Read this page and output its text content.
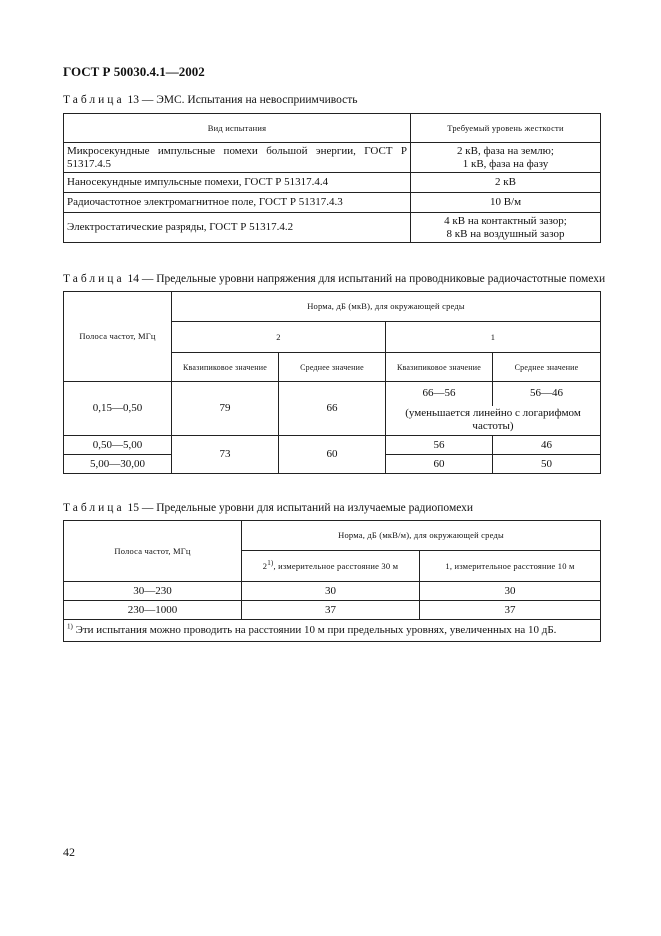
ГОСТ Р 50030.4.1—2002
Таблица 13 — ЭМС. Испытания на невосприимчивость
Вид испытания	Требуемый уровень жесткости
Микросекундные импульсные помехи большой энергии, ГОСТ Р 51317.4.5	2 кВ, фаза на землю;
1 кВ, фаза на фазу

Наносекундные импульсные помехи, ГОСТ Р 51317.4.4	2 кВ
Радиочастотное электромагнитное поле, ГОСТ Р 51317.4.3	10 В/м
Электростатические разряды, ГОСТ Р 51317.4.2	4 кВ на контактный зазор;
8 кВ на воздушный зазор
Таблица 14 — Предельные уровни напряжения для испытаний на проводниковые радиочастотные помехи
Полоса частот, МГц	Норма, дБ (мкВ), для окружающей среды			
	2		1	
	Квазипиковое значение	Среднее значение	Квазипиковое значение	Среднее значение
0,15—0,50	79	66	66—56	56—46
			(уменьшается линейно с логарифмом частоты)	
0,50—5,00	73	60	56	46
5,00—30,00			60	50
Таблица 15 — Предельные уровни для испытаний на излучаемые радиопомехи
Полоса частот, МГц	Норма, дБ (мкВ/м), для окружающей среды	
	2$^{1)}$, измерительное расстояние 30 м	1, измерительное расстояние 10 м
30—230	30	30
230—1000	37	37
$^{1)}$ Эти испытания можно проводить на расстоянии 10 м при предельных уровнях, увеличенных на 10 дБ.		
42
